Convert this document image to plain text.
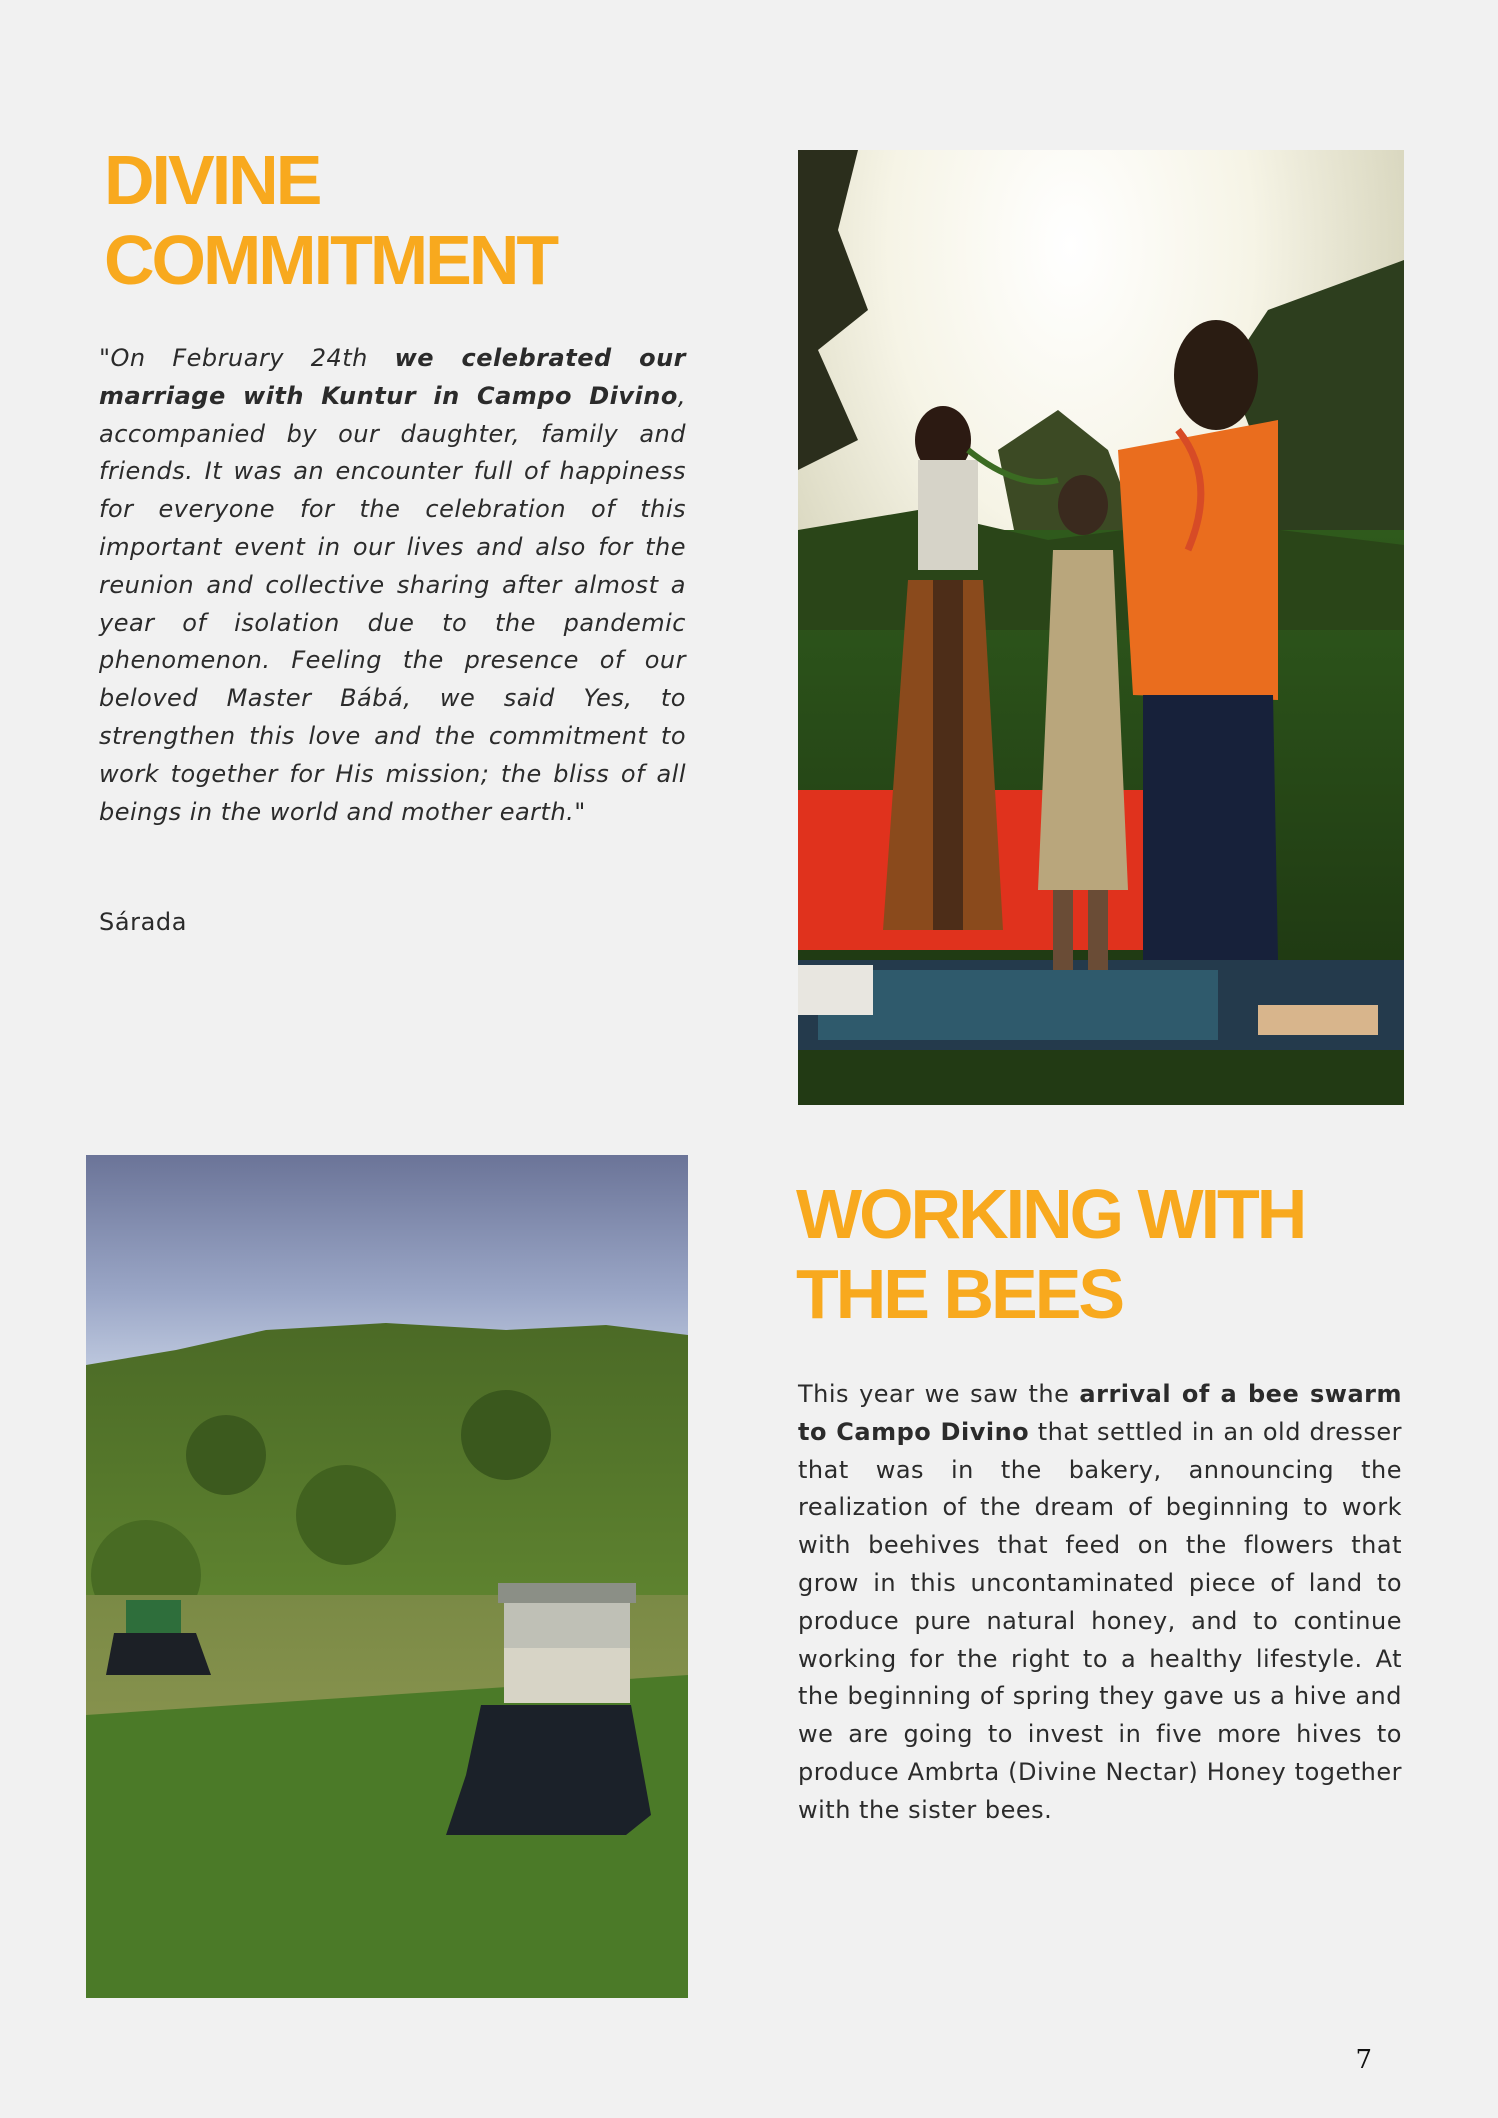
DIVINE
COMMITMENT

"On February 24th we celebrated our marriage with Kuntur in Campo Divino, accompanied by our daughter, family and friends. It was an encounter full of happiness for everyone for the celebration of this important event in our lives and also for the reunion and collective sharing after almost a year of isolation due to the pandemic phenomenon. Feeling the presence of our beloved Master Bábá, we said Yes, to strengthen this love and the commitment to work together for His mission; the bliss of all beings in the world and mother earth."

Sárada

WORKING WITH
THE BEES

This year we saw the arrival of a bee swarm to Campo Divino that settled in an old dresser that was in the bakery, announcing the realization of the dream of beginning to work with beehives that feed on the flowers that grow in this uncontaminated piece of land to produce pure natural honey, and to continue working for the right to a healthy lifestyle. At the beginning of spring they gave us a hive and we are going to invest in five more hives to produce Ambrta (Divine Nectar) Honey together with the sister bees.

7
